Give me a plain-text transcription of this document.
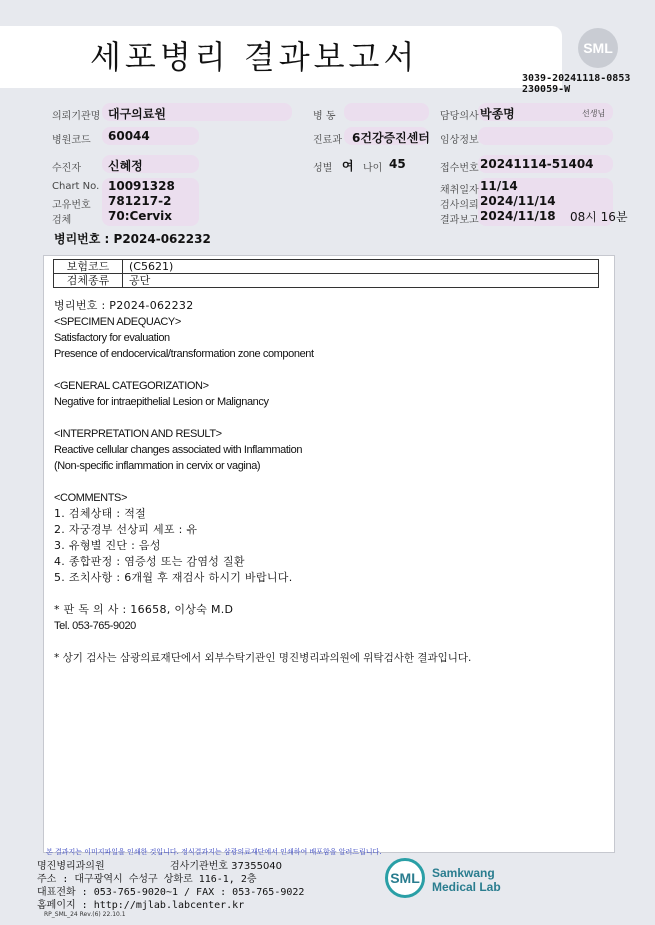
세포병리 결과보고서	SML
3039-20241118-0853
230059-W
의뢰기관명 대구의료원	병 동	담당의사 박종명	선생님
병원코드 60044	진료과 6건강증진센터 임상정보
수진자 신혜정	성별 여 나이 45	접수번호 20241114-51404
Chart No. 10091328
고유번호 781217-2
검체	70:Cervix
채취일자 11/14
검사의뢰 2024/11/14
결과보고 2024/11/18 08시 16분
병리번호 : P2024-062232
보험코드	(C5621)
검체종류	공단
병리번호 : P2024-062232
<SPECIMEN ADEQUACY>
Satisfactory for evaluation
Presence of endocervical/transformation zone component
<GENERAL CATEGORIZATION>
Negative for intraepithelial Lesion or Malignancy
<INTERPRETATION AND RESULT>
Reactive cellular changes associated with Inflammation
(Non-specific inflammation in cervix or vagina)
<COMMENTS>
1. 검체상태 : 적절
2. 자궁경부 선상피 세포 : 유
3. 유형별 진단 : 음성
4. 종합판정 : 염증성 또는 감염성 질환
5. 조치사항 : 6개월 후 재검사 하시기 바랍니다.
* 판 독 의 사 : 16658, 이상숙 M.D
Tel. 053-765-9020
* 상기 검사는 삼광의료재단에서 외부수탁기관인 명진병리과의원에 위탁검사한 결과입니다.
본 결과지는 이미지파일을 인쇄한 것입니다. 정식결과지는 삼광의료재단에서 인쇄하여 배포함을 알려드립니다.
명진병리과의원	검사기관번호 37355040
주소 : 대구광역시 수성구 상화로 116-1, 2층
대표전화 : 053-765-9020~1 / FAX : 053-765-9022
홈페이지 : http://mjlab.labcenter.kr
RP_SML_24 Rev.(6) 22.10.1
SML	Samkwang
Medical Lab
